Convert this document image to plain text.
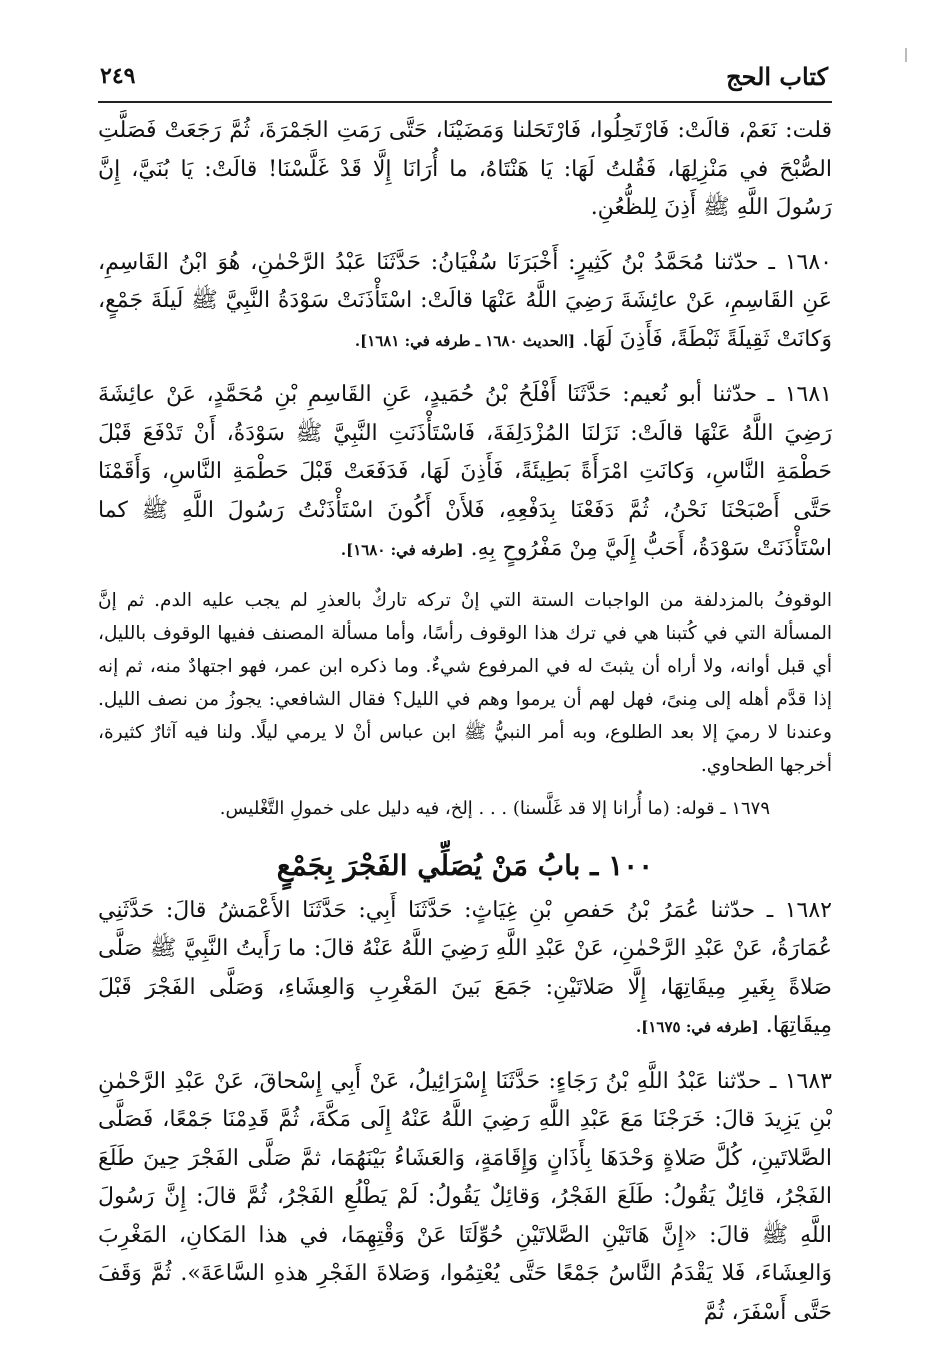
كتاب الحج
٢٤٩

قلت: نَعَمْ، قالَتْ: فَارْتَحِلُوا، فَارْتَحَلنا وَمَضَيْنَا، حَتَّى رَمَتِ الجَمْرَةَ، ثُمَّ رَجَعَتْ فَصَلَّتِ الصُّبْحَ في مَنْزِلِهَا، فَقُلتُ لَهَا: يَا هَنْتَاهُ، ما أُرَانَا إِلَّا قَدْ غَلَّسْنَا! قالَتْ: يَا بُنَيَّ، إِنَّ رَسُولَ اللَّهِ ﷺ أَذِنَ لِلظُّعُنِ.

١٦٨٠ ـ حدّثنا مُحَمَّدُ بْنُ كَثِيرٍ: أَخْبَرَنَا سُفْيَانُ: حَدَّثَنَا عَبْدُ الرَّحْمٰنِ، هُوَ ابْنُ القَاسِمِ، عَنِ القَاسِمِ، عَنْ عائِشَةَ رَضِيَ اللَّهُ عَنْهَا قالَتْ: اسْتَأْذَنَتْ سَوْدَةُ النَّبِيَّ ﷺ لَيلَةَ جَمْعٍ، وَكانَتْ ثَقِيلَةً ثَبْطَةً، فَأَذِنَ لَهَا. [الحديث ١٦٨٠ ـ طرفه في: ١٦٨١].

١٦٨١ ـ حدّثنا أبو نُعيم: حَدَّثَنَا أَفْلَحُ بْنُ حُمَيدٍ، عَنِ القَاسِمِ بْنِ مُحَمَّدٍ، عَنْ عائِشَةَ رَضِيَ اللَّهُ عَنْهَا قالَتْ: نَزَلنَا المُزْدَلِفَةَ، فَاسْتَأْذَنَتِ النَّبِيَّ ﷺ سَوْدَةُ، أَنْ تَدْفَعَ قَبْلَ حَطْمَةِ النَّاسِ، وَكانَتِ امْرَأَةً بَطِيئَةً، فَأَذِنَ لَهَا، فَدَفَعَتْ قَبْلَ حَطْمَةِ النَّاسِ، وَأَقَمْنَا حَتَّى أَصْبَحْنَا نَحْنُ، ثُمَّ دَفَعْنَا بِدَفْعِهِ، فَلأَنْ أَكُونَ اسْتَأْذَنْتُ رَسُولَ اللَّهِ ﷺ كما اسْتَأْذَنَتْ سَوْدَةُ، أَحَبُّ إِلَيَّ مِنْ مَفْرُوحٍ بِهِ. [طرفه في: ١٦٨٠].

الوقوفُ بالمزدلفة من الواجبات الستة التي إنْ تركه تاركٌ بالعذرِ لم يجب عليه الدم. ثم إنَّ المسألة التي في كُتبنا هي في ترك هذا الوقوف رأسًا، وأما مسألة المصنف ففيها الوقوف بالليل، أي قبل أوانه، ولا أراه أن يثبتَ له في المرفوع شيءٌ. وما ذكره ابن عمر، فهو اجتهادٌ منه، ثم إنه إذا قدَّم أهله إلى مِنىً، فهل لهم أن يرموا وهم في الليل؟ فقال الشافعي: يجوزُ من نصف الليل. وعندنا لا رميَ إلا بعد الطلوع، وبه أمر النبيُّ ﷺ ابن عباس أنْ لا يرمي ليلًا. ولنا فيه آثارٌ كثيرة، أخرجها الطحاوي.

١٦٧٩ ـ قوله: (ما أُرانا إلا قد غَلَّسنا) . . . إلخ، فيه دليل على خمولِ التَّغْليس.

١٠٠ ـ بابُ مَنْ يُصَلِّي الفَجْرَ بِجَمْعٍ

١٦٨٢ ـ حدّثنا عُمَرُ بْنُ حَفصِ بْنِ غِيَاثٍ: حَدَّثَنَا أَبِي: حَدَّثَنَا الأَعْمَشُ قالَ: حَدَّثَنِي عُمَارَةُ، عَنْ عَبْدِ الرَّحْمٰنِ، عَنْ عَبْدِ اللَّهِ رَضِيَ اللَّهُ عَنْهُ قالَ: ما رَأَيتُ النَّبِيَّ ﷺ صَلَّى صَلاةً بِغَيرِ مِيقَاتِهَا، إِلَّا صَلاتَيْنِ: جَمَعَ بَينَ المَغْرِبِ وَالعِشَاءِ، وَصَلَّى الفَجْرَ قَبْلَ مِيقَاتِهَا. [طرفه في: ١٦٧٥].

١٦٨٣ ـ حدّثنا عَبْدُ اللَّهِ بْنُ رَجَاءٍ: حَدَّثَنَا إِسْرَائِيلُ، عَنْ أَبِي إِسْحاقَ، عَنْ عَبْدِ الرَّحْمٰنِ بْنِ يَزِيدَ قالَ: خَرَجْنَا مَعَ عَبْدِ اللَّهِ رَضِيَ اللَّهُ عَنْهُ إِلَى مَكَّةَ، ثُمَّ قَدِمْنَا جَمْعًا، فَصَلَّى الصَّلاتَينِ، كُلَّ صَلاةٍ وَحْدَهَا بِأَذَانٍ وَإِقَامَةٍ، وَالعَشَاءُ بَيْنَهُمَا، ثمَّ صَلَّى الفَجْرَ حِينَ طَلَعَ الفَجْرُ، قائِلٌ يَقُولُ: طَلَعَ الفَجْرُ، وَقائِلٌ يَقُولُ: لَمْ يَطْلُعِ الفَجْرُ، ثُمَّ قالَ: إِنَّ رَسُولَ اللَّهِ ﷺ قالَ: «إِنَّ هَاتَيْنِ الصَّلاتَيْنِ حُوِّلَتَا عَنْ وَقْتِهِمَا، في هذا المَكانِ، المَغْرِبَ وَالعِشَاءَ، فَلا يَقْدَمُ النَّاسُ جَمْعًا حَتَّى يُعْتِمُوا، وَصَلاةَ الفَجْرِ هذهِ السَّاعَةَ». ثُمَّ وَقَفَ حَتَّى أَسْفَرَ، ثُمَّ
